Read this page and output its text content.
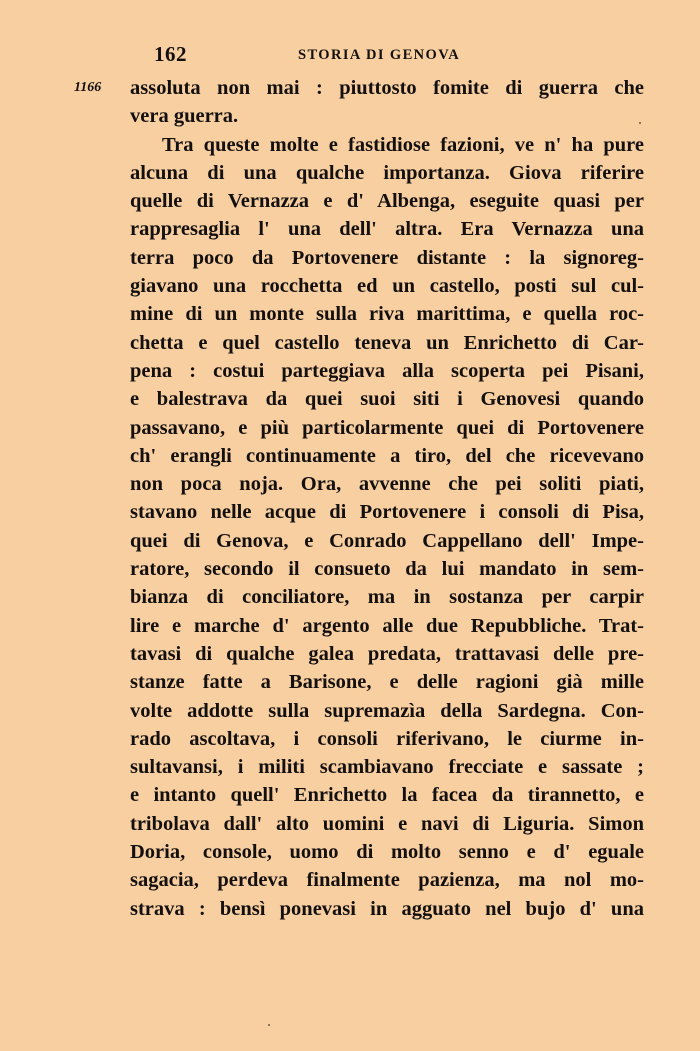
162	STORIA DI GENOVA
1166 assoluta non mai : piuttosto fomite di guerra che
vera guerra.
Tra queste molte e fastidiose fazioni, ve n' ha pure
alcuna di una qualche importanza. Giova riferire
quelle di Vernazza e d' Albenga, eseguite quasi per
rappresaglia l' una dell' altra. Era Vernazza una
terra poco da Portovenere distante : la signoreg-
giavano una rocchetta ed un castello, posti sul cul-
mine di un monte sulla riva marittima, e quella roc-
chetta e quel castello teneva un Enrichetto di Car-
pena : costui parteggiava alla scoperta pei Pisani,
e balestrava da quei suoi siti i Genovesi quando
passavano, e più particolarmente quei di Portovenere
ch' erangli continuamente a tiro, del che ricevevano
non poca noja. Ora, avvenne che pei soliti piati,
stavano nelle acque di Portovenere i consoli di Pisa,
quei di Genova, e Conrado Cappellano dell' Impe-
ratore, secondo il consueto da lui mandato in sem-
bianza di conciliatore, ma in sostanza per carpir
lire e marche d' argento alle due Repubbliche. Trat-
tavasi di qualche galea predata, trattavasi delle pre-
stanze fatte a Barisone, e delle ragioni già mille
volte addotte sulla supremazìa della Sardegna. Con-
rado ascoltava, i consoli riferivano, le ciurme in-
sultavansi, i militi scambiavano frecciate e sassate ;
e intanto quell' Enrichetto la facea da tirannetto, e
tribolava dall' alto uomini e navi di Liguria. Simon
Doria, console, uomo di molto senno e d' eguale
sagacia, perdeva finalmente pazienza, ma nol mo-
strava : bensì ponevasi in agguato nel bujo d' una
